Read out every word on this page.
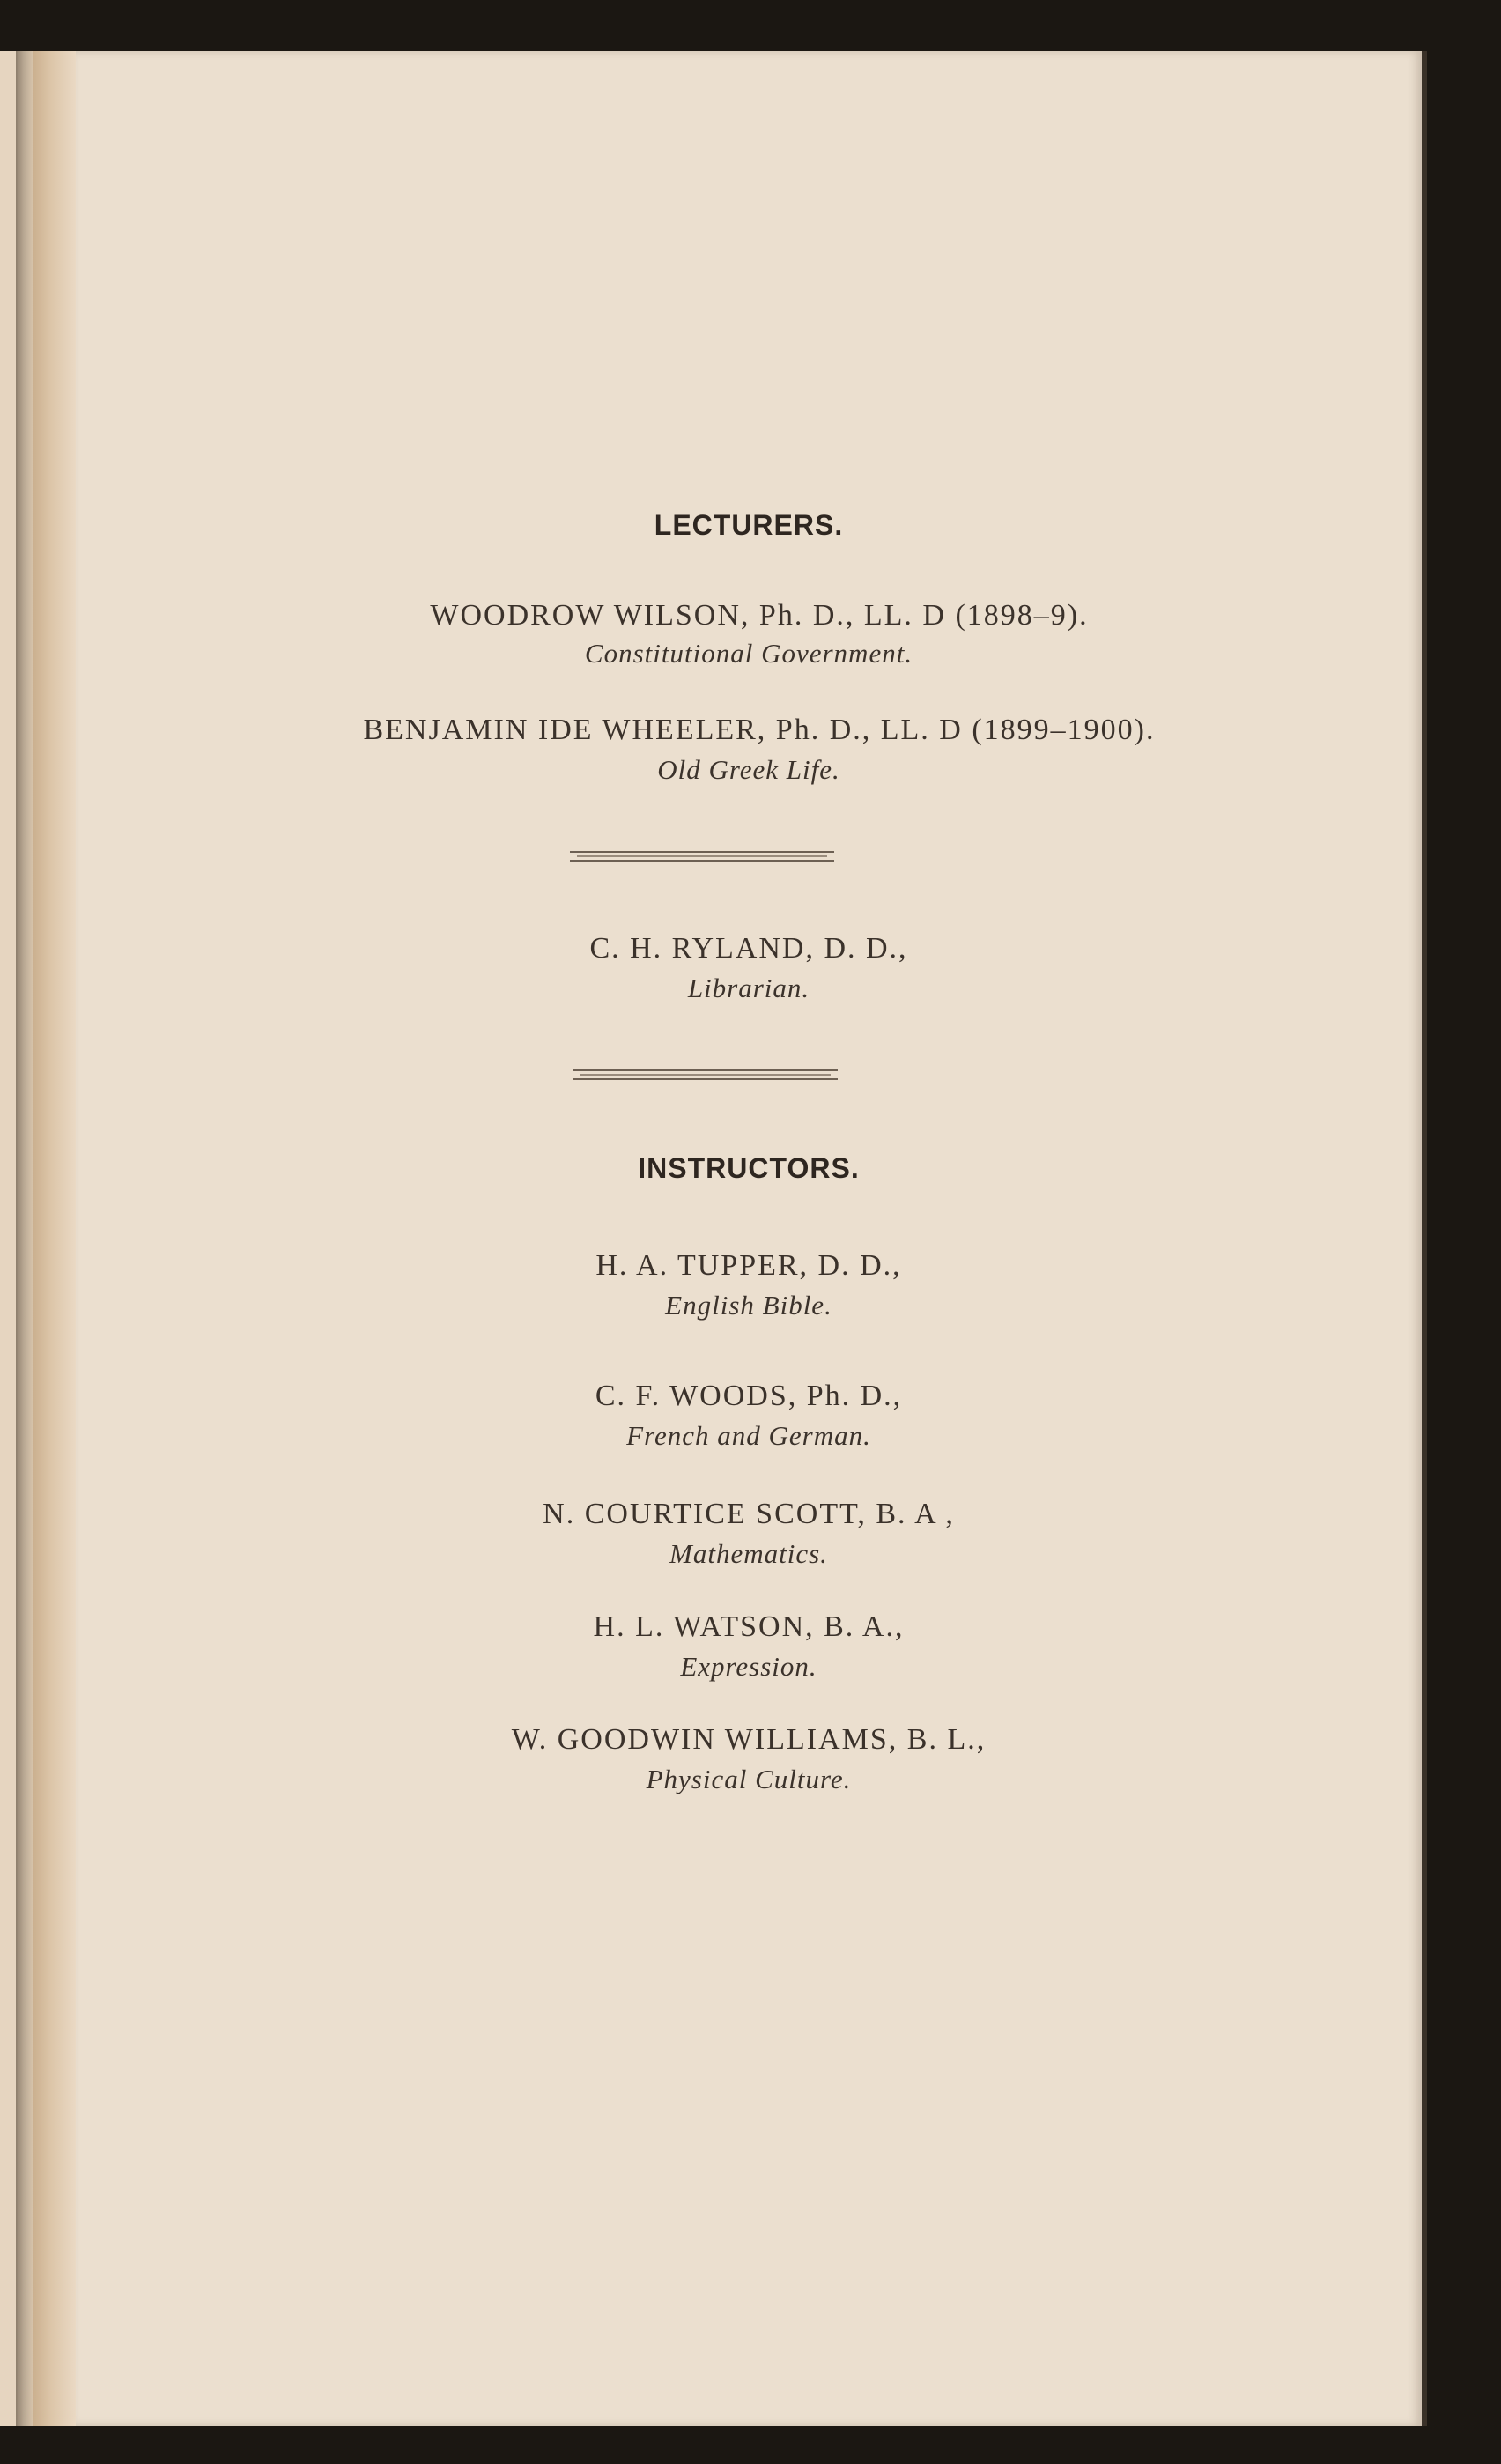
LECTURERS.
WOODROW WILSON, Ph. D., LL. D (1898–9).
Constitutional Government.
BENJAMIN IDE WHEELER, Ph. D., LL. D (1899–1900).
Old Greek Life.
C. H. RYLAND, D. D.,
Librarian.
INSTRUCTORS.
H. A. TUPPER, D. D.,
English Bible.
C. F. WOODS, Ph. D.,
French and German.
N. COURTICE SCOTT, B. A ,
Mathematics.
H. L. WATSON, B. A.,
Expression.
W. GOODWIN WILLIAMS, B. L.,
Physical Culture.
